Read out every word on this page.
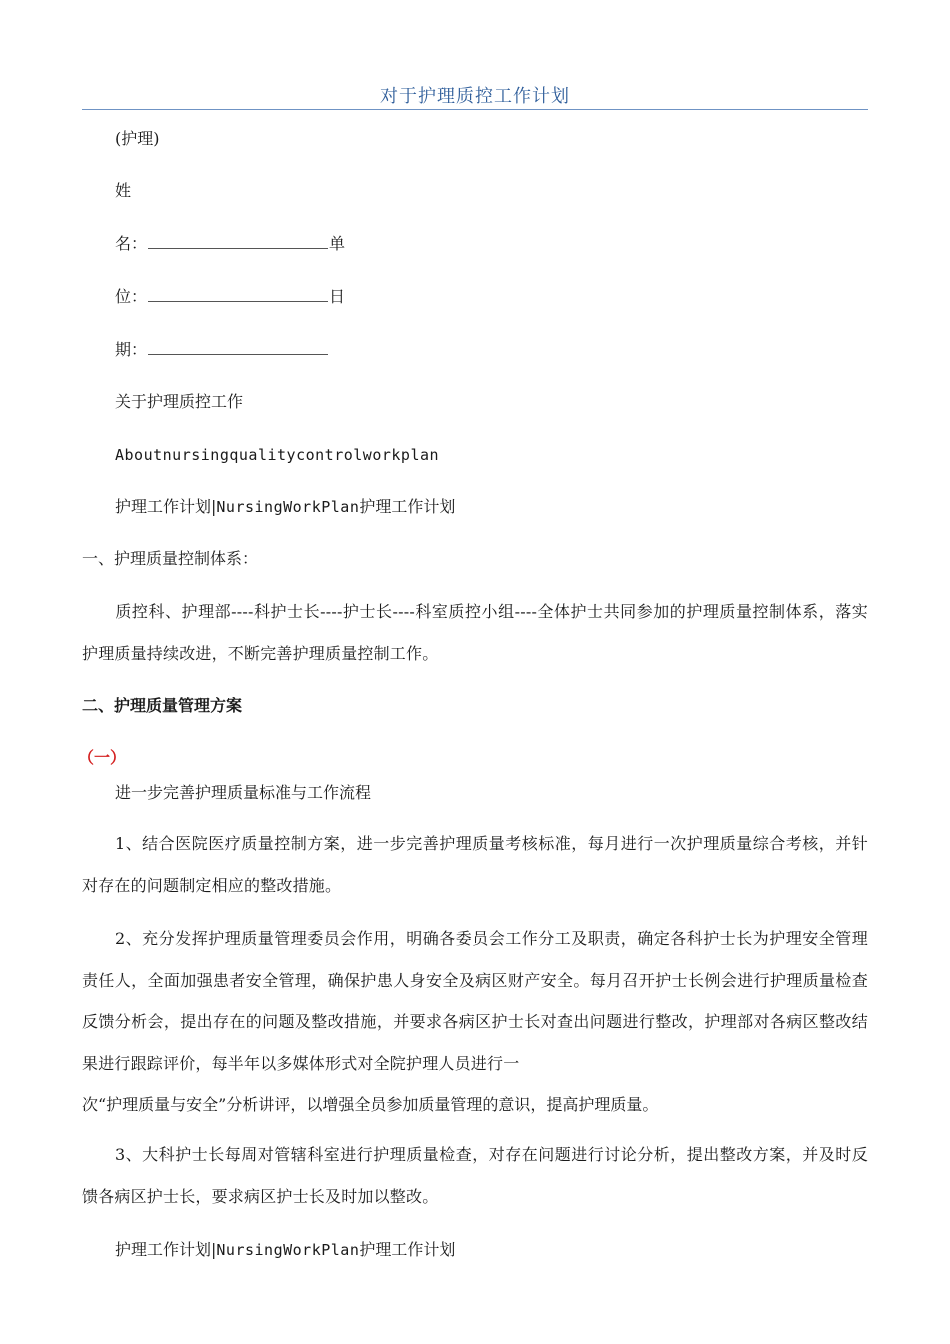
对于护理质控工作计划
(护理)
姓
名：	单
位：	日
期：
关于护理质控工作
Aboutnursingqualitycontrolworkplan
护理工作计划|NursingWorkPlan护理工作计划
一、护理质量控制体系：
质控科、护理部----科护士长----护士长----科室质控小组----全体护士共同参加的护理质量控制体系，落实护理质量持续改进，不断完善护理质量控制工作。
二、护理质量管理方案
（一）
进一步完善护理质量标准与工作流程
1、结合医院医疗质量控制方案，进一步完善护理质量考核标准，每月进行一次护理质量综合考核，并针对存在的问题制定相应的整改措施。
2、充分发挥护理质量管理委员会作用，明确各委员会工作分工及职责，确定各科护士长为护理安全管理责任人，全面加强患者安全管理，确保护患人身安全及病区财产安全。每月召开护士长例会进行护理质量检查反馈分析会，提出存在的问题及整改措施，并要求各病区护士长对查出问题进行整改，护理部对各病区整改结果进行跟踪评价，每半年以多媒体形式对全院护理人员进行一
次“护理质量与安全”分析讲评，以增强全员参加质量管理的意识，提高护理质量。
3、大科护士长每周对管辖科室进行护理质量检查，对存在问题进行讨论分析，提出整改方案，并及时反馈各病区护士长，要求病区护士长及时加以整改。
护理工作计划|NursingWorkPlan护理工作计划
